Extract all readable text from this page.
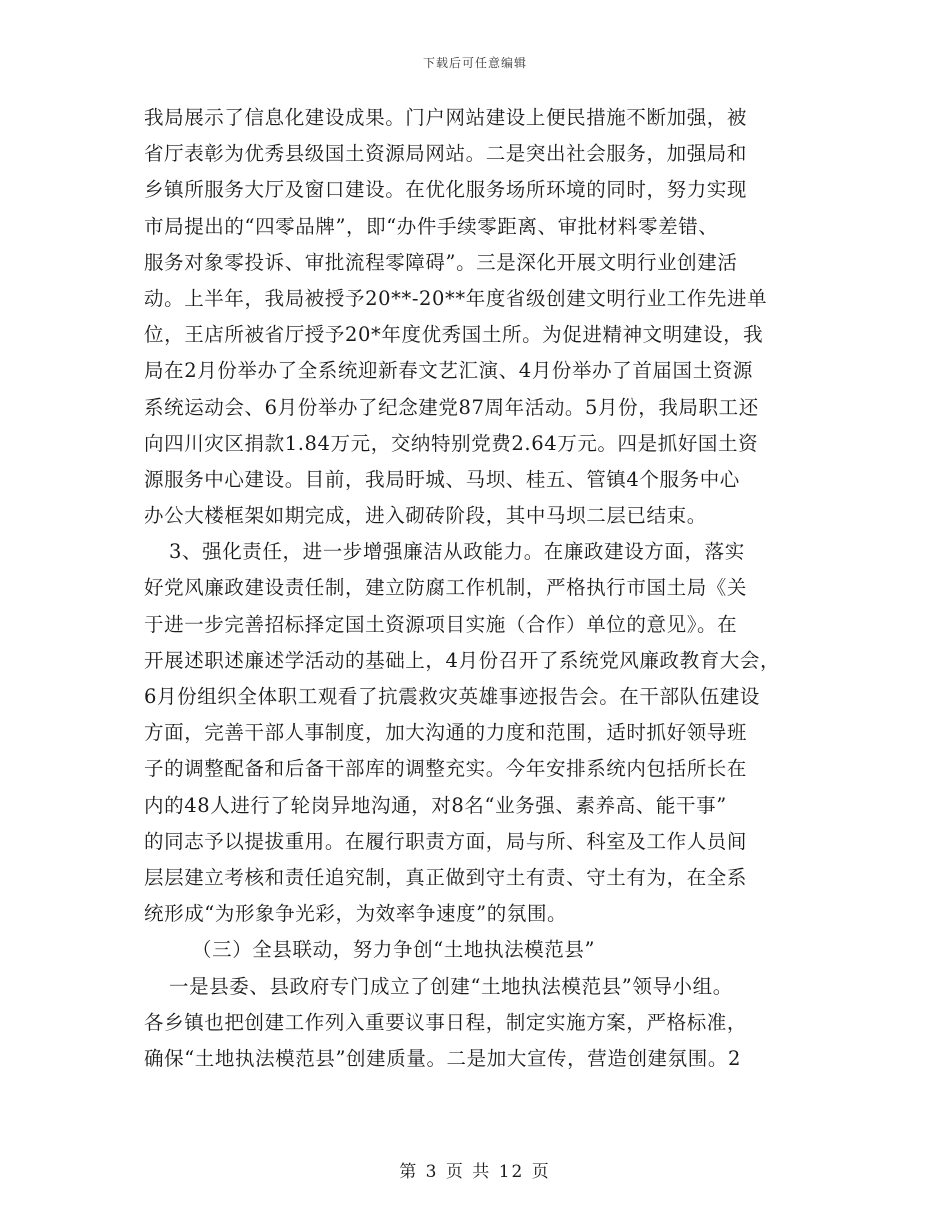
下载后可任意编辑
我局展示了信息化建设成果。门户网站建设上便民措施不断加强，被
省厅表彰为优秀县级国土资源局网站。二是突出社会服务，加强局和
乡镇所服务大厅及窗口建设。在优化服务场所环境的同时，努力实现
市局提出的“四零品牌”，即“办件手续零距离、审批材料零差错、
服务对象零投诉、审批流程零障碍”。三是深化开展文明行业创建活
动。上半年，我局被授予20**-20**年度省级创建文明行业工作先进单
位，王店所被省厅授予20*年度优秀国土所。为促进精神文明建设，我
局在2月份举办了全系统迎新春文艺汇演、4月份举办了首届国土资源
系统运动会、6月份举办了纪念建党87周年活动。5月份，我局职工还
向四川灾区捐款1.84万元，交纳特别党费2.64万元。四是抓好国土资
源服务中心建设。目前，我局盱城、马坝、桂五、管镇4个服务中心
办公大楼框架如期完成，进入砌砖阶段，其中马坝二层已结束。
3、强化责任，进一步增强廉洁从政能力。在廉政建设方面，落实
好党风廉政建设责任制，建立防腐工作机制，严格执行市国土局《关
于进一步完善招标择定国土资源项目实施（合作）单位的意见》。在
开展述职述廉述学活动的基础上，4月份召开了系统党风廉政教育大会，
6月份组织全体职工观看了抗震救灾英雄事迹报告会。在干部队伍建设
方面，完善干部人事制度，加大沟通的力度和范围，适时抓好领导班
子的调整配备和后备干部库的调整充实。今年安排系统内包括所长在
内的48人进行了轮岗异地沟通，对8名“业务强、素养高、能干事”
的同志予以提拔重用。在履行职责方面，局与所、科室及工作人员间
层层建立考核和责任追究制，真正做到守土有责、守土有为，在全系
统形成“为形象争光彩，为效率争速度”的氛围。
（三）全县联动，努力争创“土地执法模范县”
一是县委、县政府专门成立了创建“土地执法模范县”领导小组。
各乡镇也把创建工作列入重要议事日程，制定实施方案，严格标准，
确保“土地执法模范县”创建质量。二是加大宣传，营造创建氛围。2
第 3 页 共 12 页
